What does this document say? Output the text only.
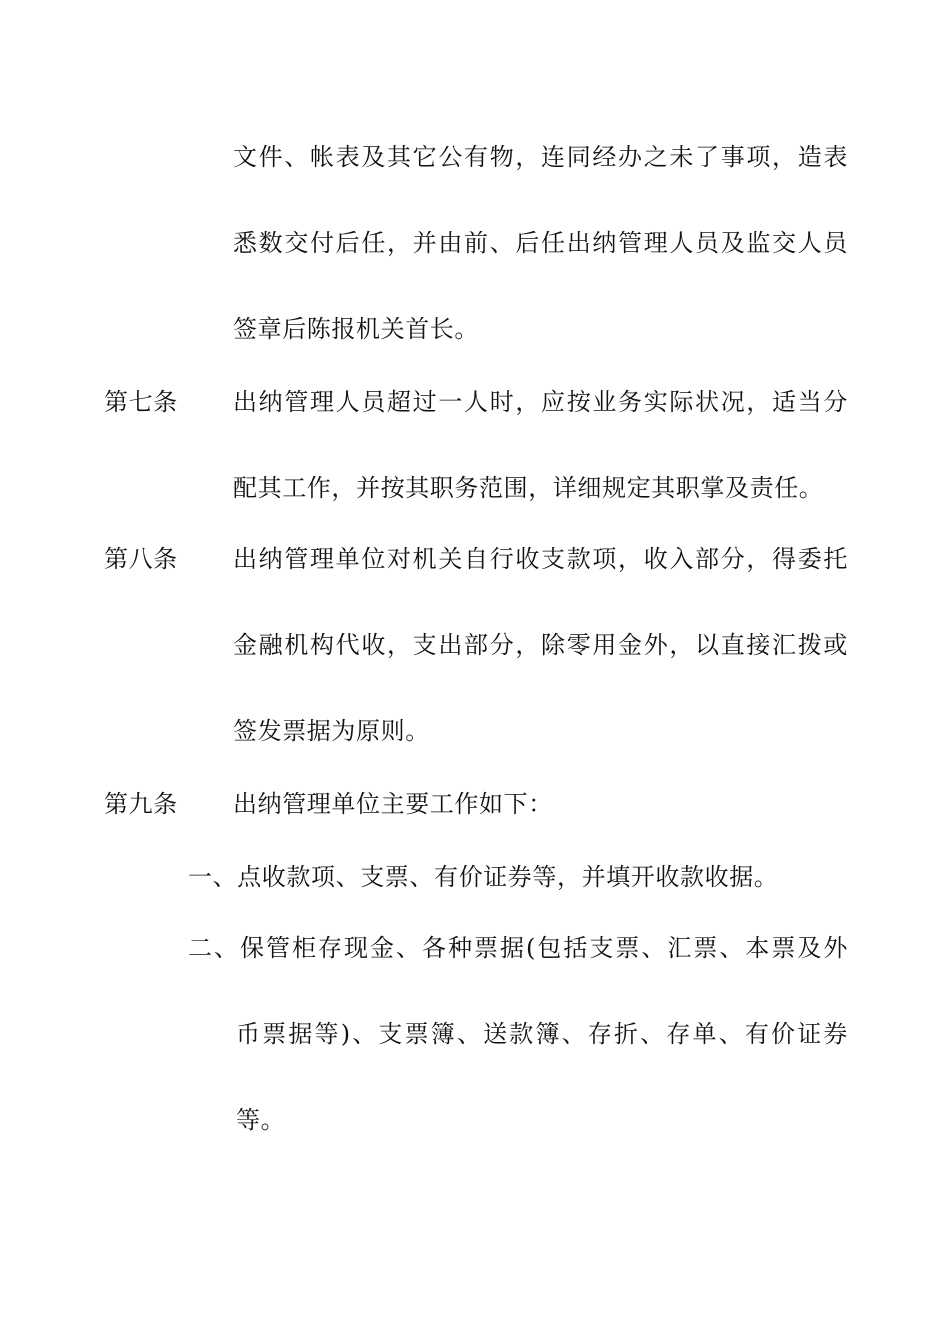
文件、帐表及其它公有物，连同经办之未了事项，造表
悉数交付后任，并由前、后任出纳管理人员及监交人员
签章后陈报机关首长。
第七条 出纳管理人员超过一人时，应按业务实际状况，适当分
配其工作，并按其职务范围，详细规定其职掌及责任。
第八条 出纳管理单位对机关自行收支款项，收入部分，得委托
金融机构代收，支出部分，除零用金外，以直接汇拨或
签发票据为原则。
第九条 出纳管理单位主要工作如下：
一、点收款项、支票、有价证券等，并填开收款收据。
二、保管柜存现金、各种票据(包括支票、汇票、本票及外
币票据等)、支票簿、送款簿、存折、存单、有价证券
等。
